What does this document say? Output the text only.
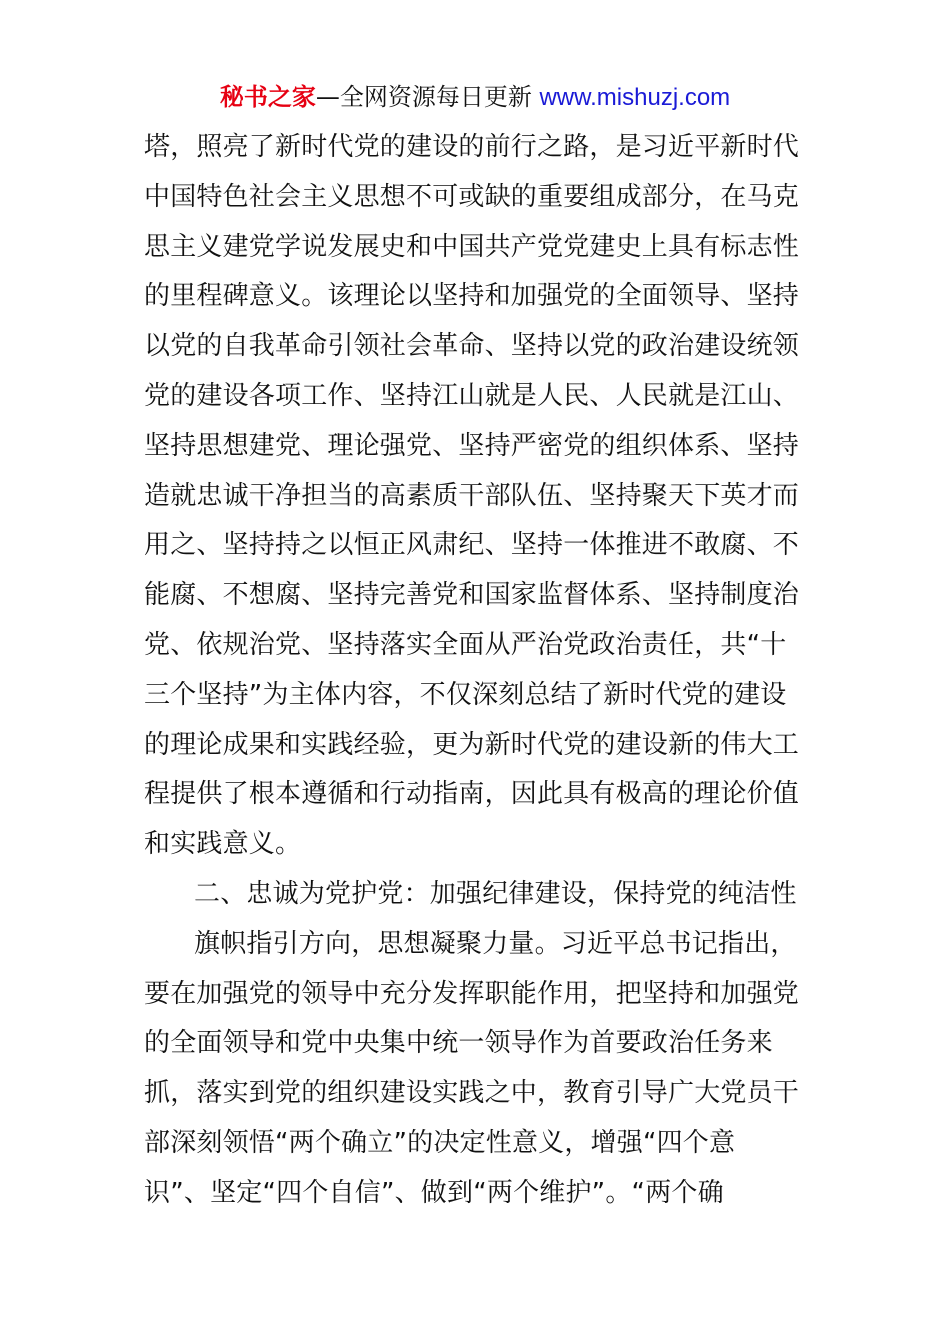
秘书之家—全网资源每日更新 www.mishuzj.com
塔，照亮了新时代党的建设的前行之路，是习近平新时代
中国特色社会主义思想不可或缺的重要组成部分，在马克
思主义建党学说发展史和中国共产党党建史上具有标志性
的里程碑意义。该理论以坚持和加强党的全面领导、坚持
以党的自我革命引领社会革命、坚持以党的政治建设统领
党的建设各项工作、坚持江山就是人民、人民就是江山、
坚持思想建党、理论强党、坚持严密党的组织体系、坚持
造就忠诚干净担当的高素质干部队伍、坚持聚天下英才而
用之、坚持持之以恒正风肃纪、坚持一体推进不敢腐、不
能腐、不想腐、坚持完善党和国家监督体系、坚持制度治
党、依规治党、坚持落实全面从严治党政治责任，共“十
三个坚持”为主体内容，不仅深刻总结了新时代党的建设
的理论成果和实践经验，更为新时代党的建设新的伟大工
程提供了根本遵循和行动指南，因此具有极高的理论价值
和实践意义。
二、忠诚为党护党：加强纪律建设，保持党的纯洁性
旗帜指引方向，思想凝聚力量。习近平总书记指出，
要在加强党的领导中充分发挥职能作用，把坚持和加强党
的全面领导和党中央集中统一领导作为首要政治任务来
抓，落实到党的组织建设实践之中，教育引导广大党员干
部深刻领悟“两个确立”的决定性意义，增强“四个意
识”、坚定“四个自信”、做到“两个维护”。“两个确
